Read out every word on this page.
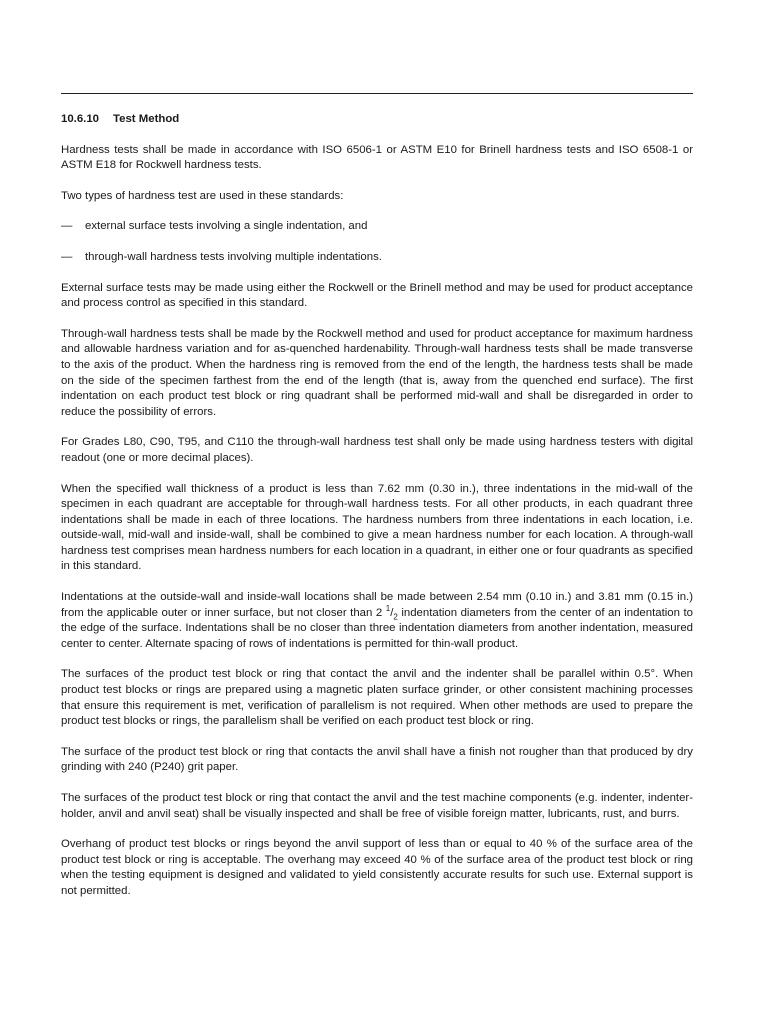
10.6.10 Test Method

Hardness tests shall be made in accordance with ISO 6506-1 or ASTM E10 for Brinell hardness tests and ISO 6508-1 or ASTM E18 for Rockwell hardness tests.

Two types of hardness test are used in these standards:

—	external surface tests involving a single indentation, and
—	through-wall hardness tests involving multiple indentations.

External surface tests may be made using either the Rockwell or the Brinell method and may be used for product acceptance and process control as specified in this standard.

Through-wall hardness tests shall be made by the Rockwell method and used for product acceptance for maximum hardness and allowable hardness variation and for as-quenched hardenability. Through-wall hardness tests shall be made transverse to the axis of the product. When the hardness ring is removed from the end of the length, the hardness tests shall be made on the side of the specimen farthest from the end of the length (that is, away from the quenched end surface). The first indentation on each product test block or ring quadrant shall be performed mid-wall and shall be disregarded in order to reduce the possibility of errors.

For Grades L80, C90, T95, and C110 the through-wall hardness test shall only be made using hardness testers with digital readout (one or more decimal places).

When the specified wall thickness of a product is less than 7.62 mm (0.30 in.), three indentations in the mid-wall of the specimen in each quadrant are acceptable for through-wall hardness tests. For all other products, in each quadrant three indentations shall be made in each of three locations. The hardness numbers from three indentations in each location, i.e. outside-wall, mid-wall and inside-wall, shall be combined to give a mean hardness number for each location. A through-wall hardness test comprises mean hardness numbers for each location in a quadrant, in either one or four quadrants as specified in this standard.

Indentations at the outside-wall and inside-wall locations shall be made between 2.54 mm (0.10 in.) and 3.81 mm (0.15 in.) from the applicable outer or inner surface, but not closer than 2 $^1/_2$ indentation diameters from the center of an indentation to the edge of the surface. Indentations shall be no closer than three indentation diameters from another indentation, measured center to center. Alternate spacing of rows of indentations is permitted for thin-wall product.

The surfaces of the product test block or ring that contact the anvil and the indenter shall be parallel within 0.5°. When product test blocks or rings are prepared using a magnetic platen surface grinder, or other consistent machining processes that ensure this requirement is met, verification of parallelism is not required. When other methods are used to prepare the product test blocks or rings, the parallelism shall be verified on each product test block or ring.

The surface of the product test block or ring that contacts the anvil shall have a finish not rougher than that produced by dry grinding with 240 (P240) grit paper.

The surfaces of the product test block or ring that contact the anvil and the test machine components (e.g. indenter, indenter-holder, anvil and anvil seat) shall be visually inspected and shall be free of visible foreign matter, lubricants, rust, and burrs.

Overhang of product test blocks or rings beyond the anvil support of less than or equal to 40 % of the surface area of the product test block or ring is acceptable. The overhang may exceed 40 % of the surface area of the product test block or ring when the testing equipment is designed and validated to yield consistently accurate results for such use. External support is not permitted.
